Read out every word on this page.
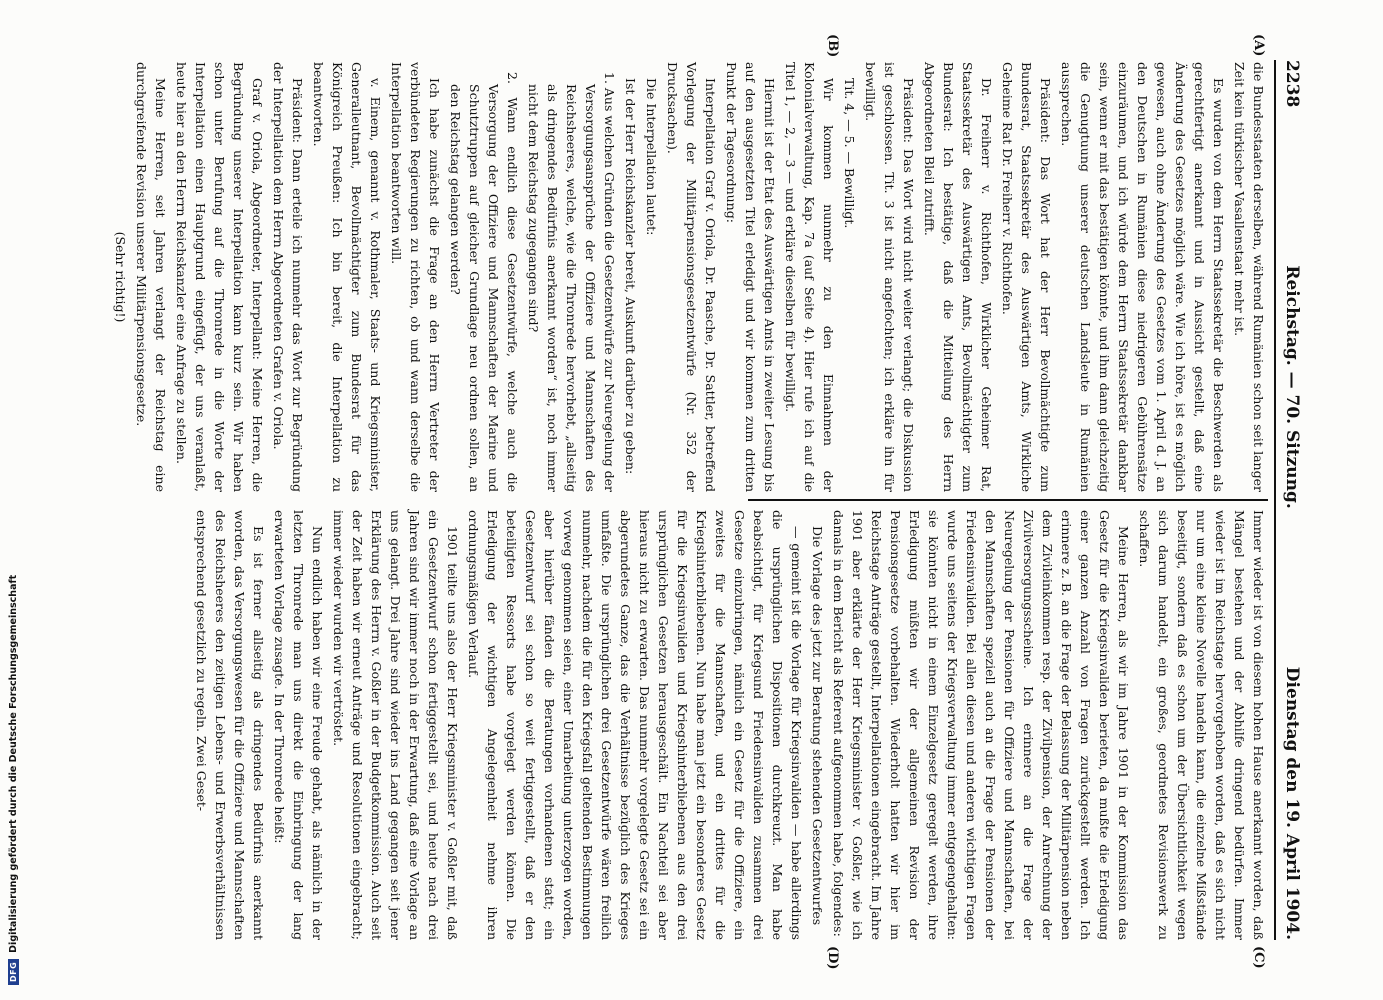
2238
Reichstag. — 70. Sitzung.
Dienstag den 19. April 1904.
(A)
(B)
(C)
(D)

die Bundesstaaten derselben, während Rumänien schon seit langer Zeit kein türkischer Vasallenstaat mehr ist.

Es wurden von dem Herrn Staatssekretär die Beschwerden als gerechtfertigt anerkannt und in Aussicht gestellt, daß eine Änderung des Gesetzes möglich wäre. Wie ich höre, ist es möglich gewesen, auch ohne Änderung des Gesetzes vom 1. April d. J. an den Deutschen in Rumänien diese niedrigeren Gebührensätze einzuräumen, und ich würde dem Herrn Staatssekretär dankbar sein, wenn er mit das bestätigen könnte, und ihm dann gleichzeitig die Genugtuung unserer deutschen Landsleute in Rumänien aussprechen.

Präsident: Das Wort hat der Herr Bevollmächtigte zum Bundesrat, Staatssekretär des Auswärtigen Amts, Wirkliche Geheime Rat Dr. Freiherr v. Richthofen.

Dr. Freiherr v. Richthofen, Wirklicher Geheimer Rat, Staatssekretär des Auswärtigen Amts, Bevollmächtigter zum Bundesrat: Ich bestätige, daß die Mitteilung des Herrn Abgeordneten Bleil zutrifft.

Präsident: Das Wort wird nicht weiter verlangt; die Diskussion ist geschlossen. Tit. 3 ist nicht angefochten; ich erkläre ihn für bewilligt.

Tit. 4, — 5. — Bewilligt.

Wir kommen nunmehr zu den Einnahmen der Kolonialverwaltung, Kap. 7a (auf Seite 4). Hier rufe ich auf die Titel 1, — 2, — 3 — und erkläre dieselben für bewilligt.

Hiermit ist der Etat des Auswärtigen Amts in zweiter Lesung bis auf den ausgesetzten Titel erledigt und wir kommen zum dritten Punkt der Tagesordnung:

Interpellation Graf v. Oriola, Dr. Paasche, Dr. Sattler, betreffend Vorlegung der Militärpensionsgesetzentwürfe (Nr. 352 der Drucksachen).

Die Interpellation lautet:

Ist der Herr Reichskanzler bereit, Auskunft darüber zu geben:

1. Aus welchen Gründen die Gesetzentwürfe zur Neuregelung der Versorgungsansprüche der Offiziere und Mannschaften des Reichsheeres, welche, wie die Thronrede hervorhebt, „allseitig als dringendes Bedürfnis anerkannt worden“ ist, noch immer nicht dem Reichstag zugegangen sind?

2. Wann endlich diese Gesetzentwürfe, welche auch die Versorgung der Offiziere und Mannschaften der Marine und Schutztruppen auf gleicher Grundlage neu ordnen sollen, an den Reichstag gelangen werden?

Ich habe zunächst die Frage an den Herrn Vertreter der verbündeten Regierungen zu richten, ob und wann derselbe die Interpellation beantworten will.

v. Einem, genannt v. Rothmaler, Staats- und Kriegsminister, Generalleutnant, Bevollmächtigter zum Bundesrat für das Königreich Preußen: Ich bin bereit, die Interpellation zu beantworten.

Präsident: Dann erteile ich nunmehr das Wort zur Begründung der Interpellation dem Herrn Abgeordneten Grafen v. Oriola.

Graf v. Oriola, Abgeordneter, Interpellant: Meine Herren, die Begründung unserer Interpellation kann kurz sein. Wir haben schon unter Berufung auf die Thronrede in die Worte der Interpellation einen Hauptgrund eingefügt, der uns veranlaßt, heute hier an den Herrn Reichskanzler eine Anfrage zu stellen.

Meine Herren, seit Jahren verlangt der Reichstag eine durchgreifende Revision unserer Militärpensionsgesetze.

(Sehr richtig!)

Immer wieder ist von diesem hohen Hause anerkannt worden, daß Mängel bestehen und der Abhilfe dringend bedürfen. Immer wieder ist im Reichstage hervorgehoben worden, daß es sich nicht nur um eine kleine Novelle handeln kann, die einzelne Mißstände beseitigt, sondern daß es schon um der Übersichtlichkeit wegen sich darum handelt, ein großes, geordnetes Revisionswerk zu schaffen.

Meine Herren, als wir im Jahre 1901 in der Kommission das Gesetz für die Kriegsinvaliden berieten, da mußte die Erledigung einer ganzen Anzahl von Fragen zurückgestellt werden. Ich erinnere z. B. an die Frage der Belassung der Militärpension neben dem Zivileinkommen resp. der Zivilpension, der Anrechnung der Zivilversorgungsscheine. Ich erinnere an die Frage der Neuregelung der Pensionen für Offiziere und Mannschaften, bei den Mannschaften speziell auch an die Frage der Pensionen der Friedensinvaliden. Bei allen diesen und anderen wichtigen Fragen wurde uns seitens der Kriegsverwaltung immer entgegengehalten: sie könnten nicht in einem Einzelgesetz geregelt werden, ihre Erledigung müßten wir der allgemeinen Revision der Pensionsgesetze vorbehalten. Wiederholt hatten wir hier im Reichstage Anträge gestellt, Interpellationen eingebracht. Im Jahre 1901 aber erklärte der Herr Kriegsminister v. Goßler, wie ich damals in dem Bericht als Referent aufgenommen habe, folgendes:

Die Vorlage des jetzt zur Beratung stehenden Gesetzentwurfes

— gemeint ist die Vorlage für Kriegsinvaliden — habe allerdings die ursprünglichen Dispositionen durchkreuzt. Man habe beabsichtigt, für Kriegsund Friedensinvaliden zusammen drei Gesetze einzubringen, nämlich ein Gesetz für die Offiziere, ein zweites für die Mannschaften, und ein drittes für die Kriegshinterbliebenen. Nun habe man jetzt ein besonderes Gesetz für die Kriegsinvaliden und Kriegshinterbliebenen aus den drei ursprünglichen Gesetzen herausgeschält. Ein Nachteil sei aber hieraus nicht zu erwarten. Das nunmehr vorgelegte Gesetz sei ein abgerundetes Ganze, das die Verhältnisse bezüglich des Krieges umfaßte. Die ursprünglichen drei Gesetzentwürfe wären freilich nunmehr, nachdem die für den Kriegsfall geltenden Bestimmungen vorweg genommen seien, einer Umarbeitung unterzogen worden, aber hierüber fänden die Beratungen vorhandenen statt; ein Gesetzentwurf sei schon so weit fertiggestellt, daß er den beteiligten Ressorts habe vorgelegt werden können. Die Erledigung der wichtigen Angelegenheit nehme ihren ordnungsmäßigen Verlauf.

1901 teilte uns also der Herr Kriegsminister v. Goßler mit, daß ein Gesetzentwurf schon fertiggestellt sei, und heute nach drei Jahren sind wir immer noch in der Erwartung, daß eine Vorlage an uns gelangt. Drei Jahre sind wieder ins Land gegangen seit jener Erklärung des Herrn v. Goßler in der Budgetkommission. Auch seit der Zeit haben wir erneut Anträge und Resolutionen eingebracht; immer wieder wurden wir vertröstet.

Nun endlich haben wir eine Freude gehabt, als nämlich in der letzten Thronrede man uns direkt die Einbringung der lang erwarteten Vorlage zusagte. In der Thronrede heißt:

Es ist ferner allseitig als dringendes Bedürfnis anerkannt worden, das Versorgungswesen für die Offiziere und Mannschaften des Reichsheeres den zeitigen Lebens- und Erwerbsverhältnissen entsprechend gesetzlich zu regeln. Zwei Geset-

DFG
Digitalisierung gefördert durch die Deutsche Forschungsgemeinschaft
